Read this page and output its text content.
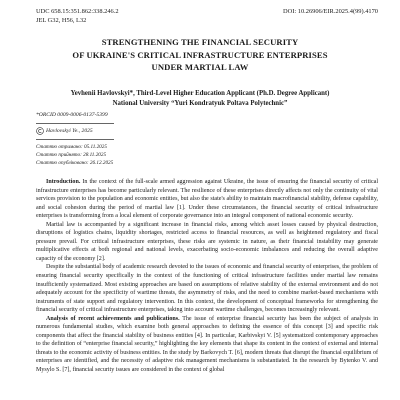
UDC 658.15:351.862:338.246.2
JEL G32, H56, L32
DOI: 10.26906/EIR.2025.4(99).4170
STRENGTHENING THE FINANCIAL SECURITY
OF UKRAINE'S CRITICAL INFRASTRUCTURE ENTERPRISES
UNDER MARTIAL LAW
Yevhenii Havlovskyi*, Third-Level Higher Education Applicant (Ph.D. Degree Applicant)
National University “Yuri Kondratyuk Poltava Polytechnic”
*ORCID 0009-0006-0137-5399
Havlovskyi Ye., 2025
Статтю отримано: 05.11.2025
Статтю прийнято: 28.11.2025
Статтю опубліковано: 26.12.2025

Introduction. In the context of the full-scale armed aggression against Ukraine, the issue of ensuring the financial security of critical infrastructure enterprises has become particularly relevant. The resilience of these enterprises directly affects not only the continuity of vital services provision to the population and economic entities, but also the state's ability to maintain macrofinancial stability, defense capability, and social cohesion during the period of martial law [1]. Under these circumstances, the financial security of critical infrastructure enterprises is transforming from a local element of corporate governance into an integral component of national economic security.

Martial law is accompanied by a significant increase in financial risks, among which asset losses caused by physical destruction, disruptions of logistics chains, liquidity shortages, restricted access to financial resources, as well as heightened regulatory and fiscal pressure prevail. For critical infrastructure enterprises, these risks are systemic in nature, as their financial instability may generate multiplicative effects at both regional and national levels, exacerbating socio-economic imbalances and reducing the overall adaptive capacity of the economy [2].

Despite the substantial body of academic research devoted to the issues of economic and financial security of enterprises, the problem of ensuring financial security specifically in the context of the functioning of critical infrastructure facilities under martial law remains insufficiently systematized. Most existing approaches are based on assumptions of relative stability of the external environment and do not adequately account for the specificity of wartime threats, the asymmetry of risks, and the need to combine market-based mechanisms with instruments of state support and regulatory intervention. In this context, the development of conceptual frameworks for strengthening the financial security of critical infrastructure enterprises, taking into account wartime challenges, becomes increasingly relevant.

Analysis of recent achievements and publications. The issue of enterprise financial security has been the subject of analysis in numerous fundamental studies, which examine both general approaches to defining the essence of this concept [3] and specific risk components that affect the financial stability of business entities [4]. In particular, Karbivskyi V. [5] systematized contemporary approaches to the definition of “enterprise financial security,” highlighting the key elements that shape its content in the context of external and internal threats to the economic activity of business entities. In the study by Barkovych T. [6], modern threats that disrupt the financial equilibrium of enterprises are identified, and the necessity of adaptive risk management mechanisms is substantiated. In the research by Bytenko V. and Mysylo S. [7], financial security issues are considered in the context of global
